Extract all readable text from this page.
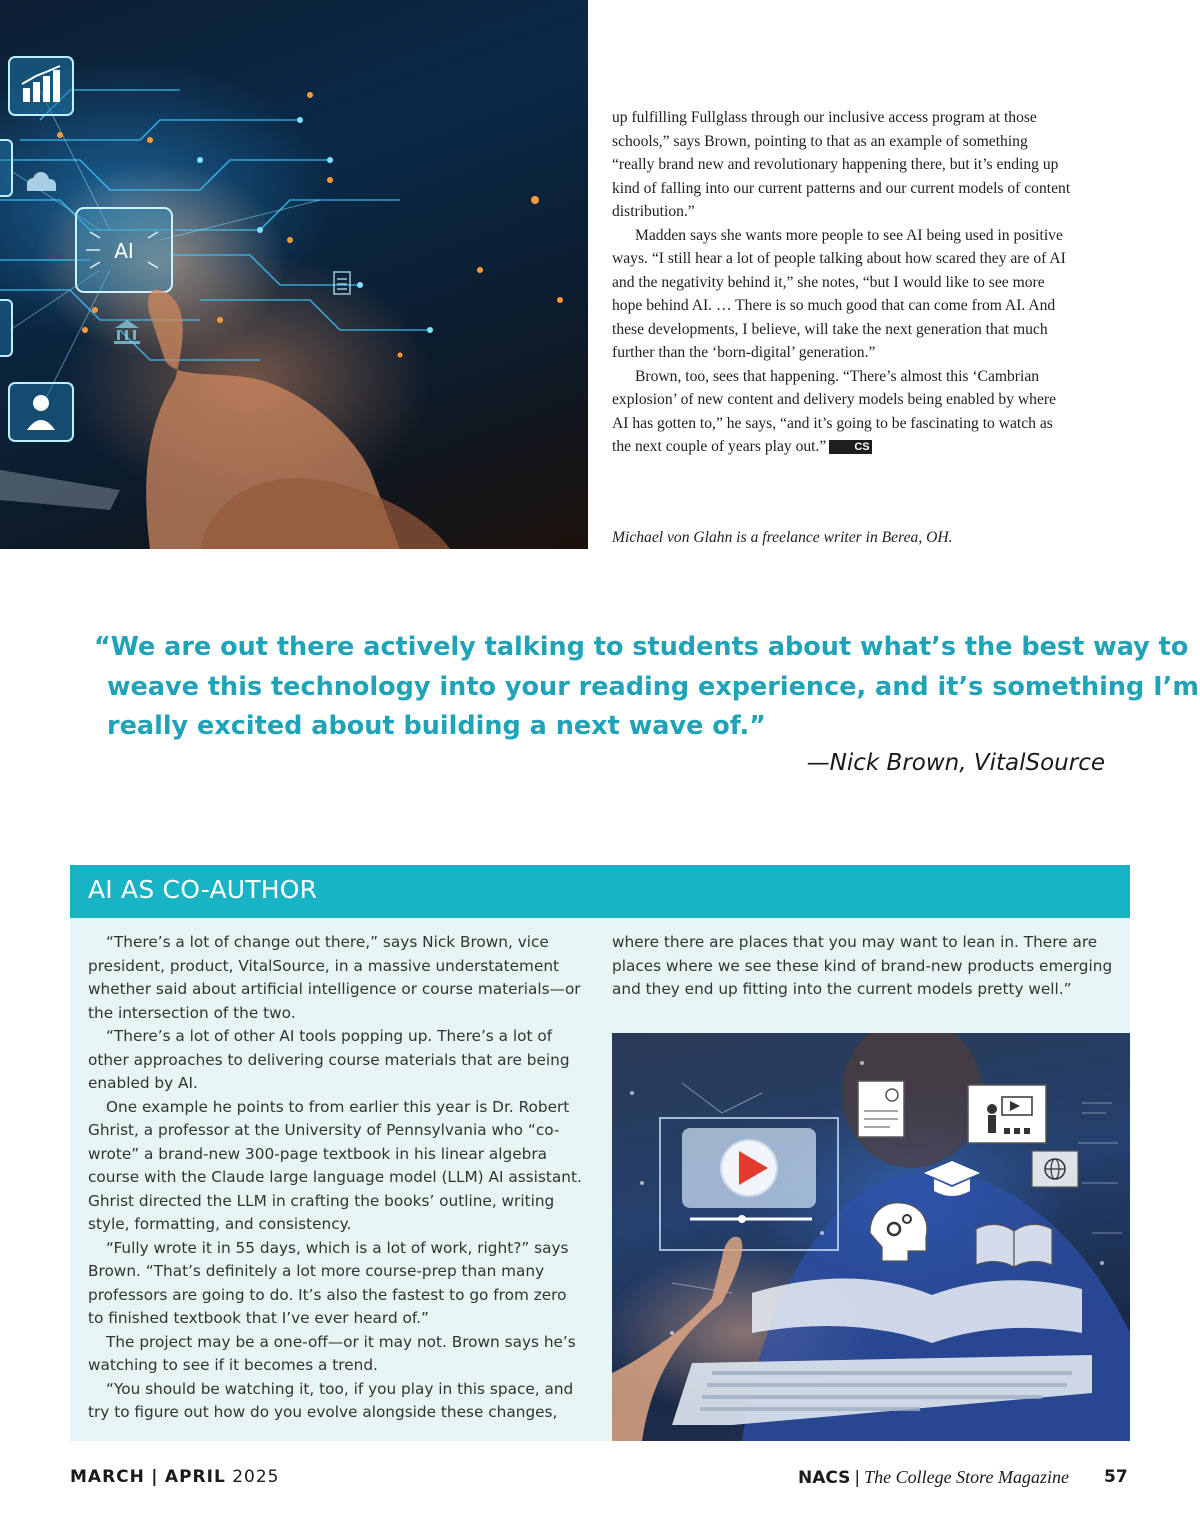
AI

up fulfilling Fullglass through our inclusive access program at those schools,” says Brown, pointing to that as an example of something “really brand new and revolutionary happening there, but it’s ending up kind of falling into our current patterns and our current models of content distribution.”

Madden says she wants more people to see AI being used in positive ways. “I still hear a lot of people talking about how scared they are of AI and the negativity behind it,” she notes, “but I would like to see more hope behind AI. … There is so much good that can come from AI. And these developments, I believe, will take the next generation that much further than the ‘born-digital’ generation.”

Brown, too, sees that happening. “There’s almost this ‘Cambrian explosion’ of new content and delivery models being enabled by where AI has gotten to,” he says, “and it’s going to be fascinating to watch as the next couple of years play out.”	CS

Michael von Glahn is a freelance writer in Berea, OH.
“We are out there actively talking to students about what’s the best way to
weave this technology into your reading experience, and it’s something I’m
really excited about building a next wave of.”
—Nick Brown, VitalSource
AI AS CO-AUTHOR

“There’s a lot of change out there,” says Nick Brown, vice president, product, VitalSource, in a massive understatement whether said about artificial intelligence or course materials—or the intersection of the two.

“There’s a lot of other AI tools popping up. There’s a lot of other approaches to delivering course materials that are being enabled by AI.

One example he points to from earlier this year is Dr. Robert Ghrist, a professor at the University of Pennsylvania who “co-wrote” a brand-new 300-page textbook in his linear algebra course with the Claude large language model (LLM) AI assistant. Ghrist directed the LLM in crafting the books’ outline, writing style, formatting, and consistency.

“Fully wrote it in 55 days, which is a lot of work, right?” says Brown. “That’s definitely a lot more course-prep than many professors are going to do. It’s also the fastest to go from zero to finished textbook that I’ve ever heard of.”

The project may be a one-off—or it may not. Brown says he’s watching to see if it becomes a trend.

“You should be watching it, too, if you play in this space, and try to figure out how do you evolve alongside these changes,

where there are places that you may want to lean in. There are places where we see these kind of brand-new products emerging and they end up fitting into the current models pretty well.”

MARCH | APRIL 2025	NACS | The College Store Magazine 57
